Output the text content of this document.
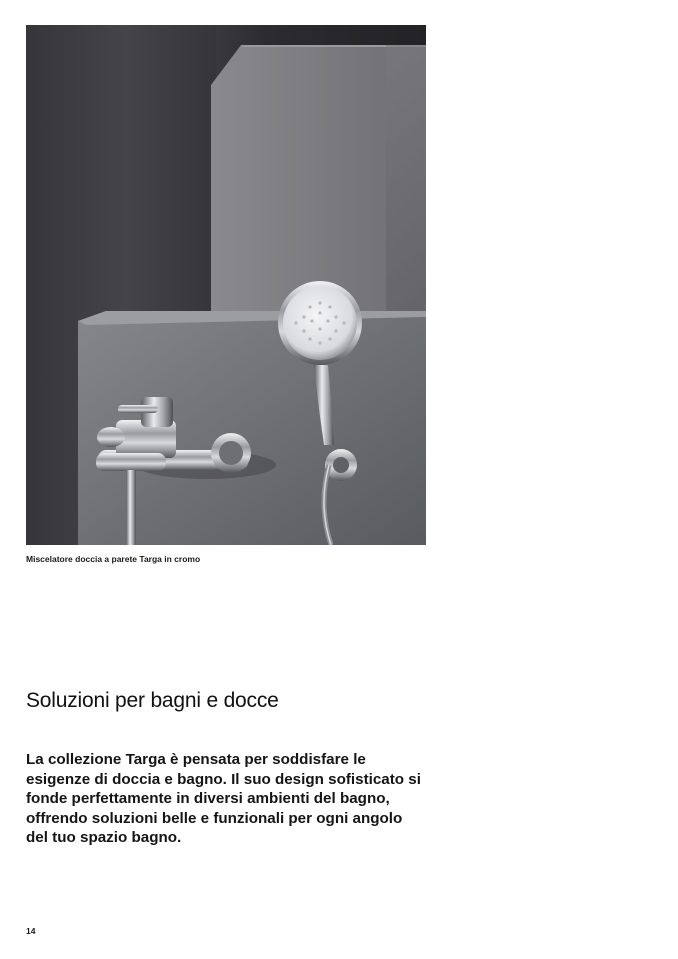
Miscelatore doccia a parete Targa in cromo
Soluzioni per bagni e docce

La collezione Targa è pensata per soddisfare le esigenze di doccia e bagno. Il suo design sofisticato si fonde perfettamente in diversi ambienti del bagno, offrendo soluzioni belle e funzionali per ogni angolo del tuo spazio bagno.

14
